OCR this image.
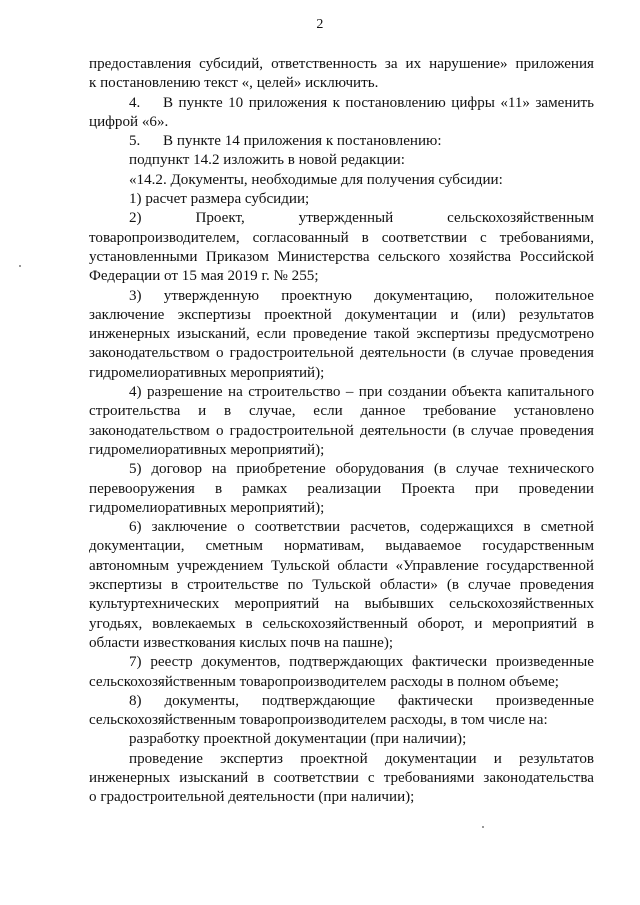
2
предоставления субсидий, ответственность за их нарушение» приложения
к постановлению текст «, целей» исключить.
4.	В пункте 10 приложения к постановлению цифры «11» заменить
цифрой «6».
5.	В пункте 14 приложения к постановлению:
подпункт 14.2 изложить в новой редакции:
«14.2. Документы, необходимые для получения субсидии:
1) расчет размера субсидии;
2) Проект, утвержденный сельскохозяйственным
товаропроизводителем, согласованный в соответствии с требованиями,
установленными Приказом Министерства сельского хозяйства Российской
Федерации от 15 мая 2019 г. № 255;
3) утвержденную проектную документацию, положительное
заключение экспертизы проектной документации и (или) результатов
инженерных изысканий, если проведение такой экспертизы предусмотрено
законодательством о градостроительной деятельности (в случае проведения
гидромелиоративных мероприятий);
4) разрешение на строительство – при создании объекта капитального
строительства и в случае, если данное требование установлено
законодательством о градостроительной деятельности (в случае проведения
гидромелиоративных мероприятий);
5) договор на приобретение оборудования (в случае технического
перевооружения в рамках реализации Проекта при проведении
гидромелиоративных мероприятий);
6) заключение о соответствии расчетов, содержащихся в сметной
документации, сметным нормативам, выдаваемое государственным
автономным учреждением Тульской области «Управление государственной
экспертизы в строительстве по Тульской области» (в случае проведения
культуртехнических мероприятий на выбывших сельскохозяйственных
угодьях, вовлекаемых в сельскохозяйственный оборот, и мероприятий в
области известкования кислых почв на пашне);
7) реестр документов, подтверждающих фактически произведенные
сельскохозяйственным товаропроизводителем расходы в полном объеме;
8) документы, подтверждающие фактически произведенные
сельскохозяйственным товаропроизводителем расходы, в том числе на:
разработку проектной документации (при наличии);
проведение экспертиз проектной документации и результатов
инженерных изысканий в соответствии с требованиями законодательства
о градостроительной деятельности (при наличии);
